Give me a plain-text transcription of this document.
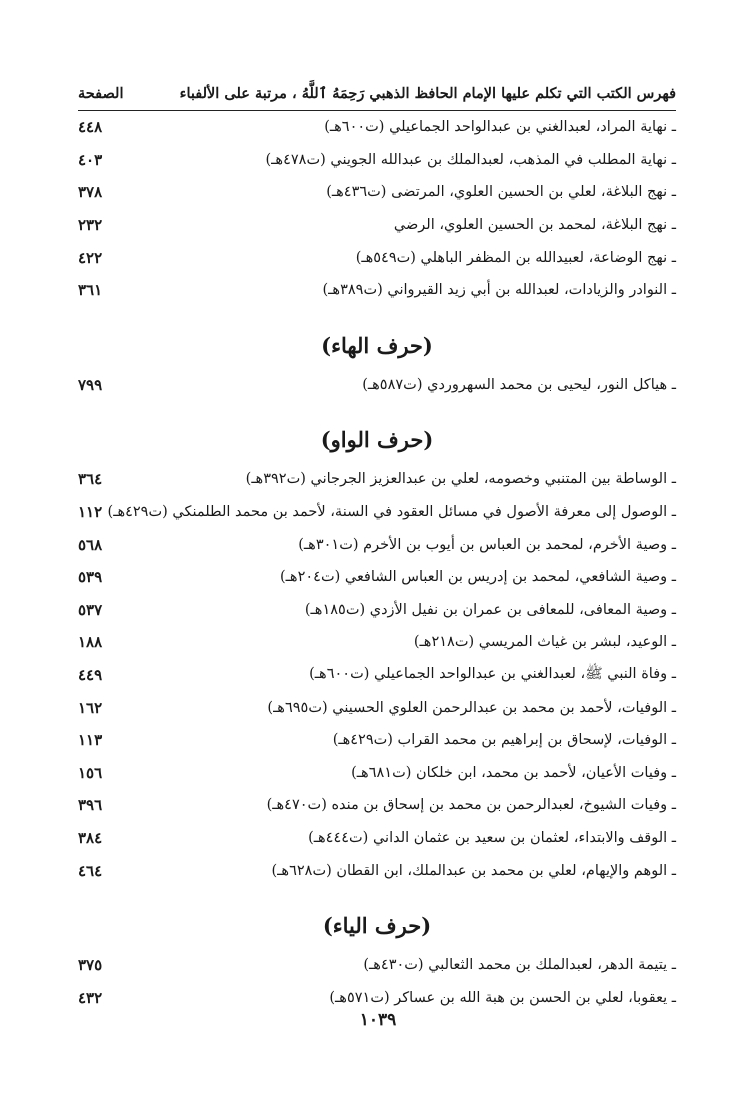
فهرس الكتب التي تكلم عليها الإمام الحافظ الذهبي رَحِمَهُ ٱللَّهُ ، مرتبة على الألفباء
الصفحة
ـ نهاية المراد، لعبدالغني بن عبدالواحد الجماعيلي (ت٦٠٠هـ)
٤٤٨
ـ نهاية المطلب في المذهب، لعبدالملك بن عبدالله الجويني (ت٤٧٨هـ)
٤٠٣
ـ نهج البلاغة، لعلي بن الحسين العلوي، المرتضى (ت٤٣٦هـ)
٣٧٨
ـ نهج البلاغة، لمحمد بن الحسين العلوي، الرضي
٢٣٢
ـ نهج الوضاعة، لعبيدالله بن المظفر الباهلي (ت٥٤٩هـ)
٤٢٢
ـ النوادر والزيادات، لعبدالله بن أبي زيد القيرواني (ت٣٨٩هـ)
٣٦١
(حرف الهاء)
ـ هياكل النور، ليحيى بن محمد السهروردي (ت٥٨٧هـ)
٧٩٩
(حرف الواو)
ـ الوساطة بين المتنبي وخصومه، لعلي بن عبدالعزيز الجرجاني (ت٣٩٢هـ)
٣٦٤
ـ الوصول إلى معرفة الأصول في مسائل العقود في السنة، لأحمد بن محمد الطلمنكي (ت٤٢٩هـ)
١١٢
ـ وصية الأخرم، لمحمد بن العباس بن أيوب بن الأخرم (ت٣٠١هـ)
٥٦٨
ـ وصية الشافعي، لمحمد بن إدريس بن العباس الشافعي (ت٢٠٤هـ)
٥٣٩
ـ وصية المعافى، للمعافى بن عمران بن نفيل الأزدي (ت١٨٥هـ)
٥٣٧
ـ الوعيد، لبشر بن غياث المريسي (ت٢١٨هـ)
١٨٨
ـ وفاة النبي ﷺ، لعبدالغني بن عبدالواحد الجماعيلي (ت٦٠٠هـ)
٤٤٩
ـ الوفيات، لأحمد بن محمد بن عبدالرحمن العلوي الحسيني (ت٦٩٥هـ)
١٦٢
ـ الوفيات، لإسحاق بن إبراهيم بن محمد القراب (ت٤٢٩هـ)
١١٣
ـ وفيات الأعيان، لأحمد بن محمد، ابن خلكان (ت٦٨١هـ)
١٥٦
ـ وفيات الشيوخ، لعبدالرحمن بن محمد بن إسحاق بن منده (ت٤٧٠هـ)
٣٩٦
ـ الوقف والابتداء، لعثمان بن سعيد بن عثمان الداني (ت٤٤٤هـ)
٣٨٤
ـ الوهم والإيهام، لعلي بن محمد بن عبدالملك، ابن القطان (ت٦٢٨هـ)
٤٦٤
(حرف الياء)
ـ يتيمة الدهر، لعبدالملك بن محمد الثعالبي (ت٤٣٠هـ)
٣٧٥
ـ يعقوبا، لعلي بن الحسن بن هبة الله بن عساكر (ت٥٧١هـ)
٤٣٢
١٠٣٩
